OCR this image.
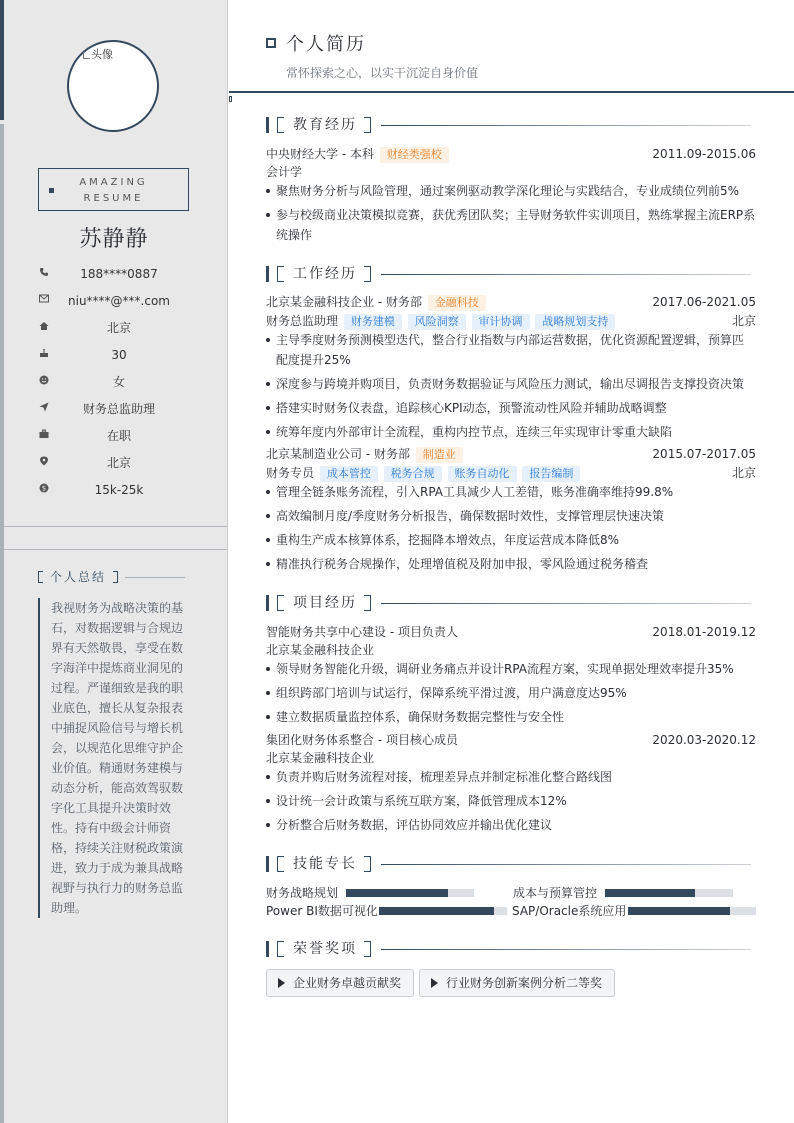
头像
AMAZING
RESUME
苏静静
188****0887
niu****@***.com
北京
30
女
财务总监助理
在职
北京
$	15k-25k
个人总结
我视财务为战略决策的基
石，对数据逻辑与合规边
界有天然敬畏，享受在数
字海洋中提炼商业洞见的
过程。严谨细致是我的职
业底色，擅长从复杂报表
中捕捉风险信号与增长机
会，以规范化思维守护企
业价值。精通财务建模与
动态分析，能高效驾驭数
字化工具提升决策时效
性。持有中级会计师资
格，持续关注财税政策演
进，致力于成为兼具战略
视野与执行力的财务总监
助理。
个人简历
常怀探索之心，以实干沉淀自身价值
教育经历
中央财经大学 - 本科 财经类强校	2011.09-2015.06
会计学
聚焦财务分析与风险管理，通过案例驱动教学深化理论与实践结合，专业成绩位列前5%
参与校级商业决策模拟竞赛，获优秀团队奖；主导财务软件实训项目，熟练掌握主流ERP系
统操作
工作经历
北京某金融科技企业 - 财务部 金融科技	2017.06-2021.05
财务总监助理 财务建模 风险洞察 审计协调 战略规划支持	北京
主导季度财务预测模型迭代，整合行业指数与内部运营数据，优化资源配置逻辑，预算匹
配度提升25%
深度参与跨境并购项目，负责财务数据验证与风险压力测试，输出尽调报告支撑投资决策
搭建实时财务仪表盘，追踪核心KPI动态，预警流动性风险并辅助战略调整
统筹年度内外部审计全流程，重构内控节点，连续三年实现审计零重大缺陷
北京某制造业公司 - 财务部 制造业	2015.07-2017.05
财务专员 成本管控 税务合规 账务自动化 报告编制	北京
管理全链条账务流程，引入RPA工具减少人工差错，账务准确率维持99.8%
高效编制月度/季度财务分析报告，确保数据时效性，支撑管理层快速决策
重构生产成本核算体系，挖掘降本增效点，年度运营成本降低8%
精准执行税务合规操作，处理增值税及附加申报，零风险通过税务稽查
项目经历
智能财务共享中心建设 - 项目负责人	2018.01-2019.12
北京某金融科技企业
领导财务智能化升级，调研业务痛点并设计RPA流程方案，实现单据处理效率提升35%
组织跨部门培训与试运行，保障系统平滑过渡，用户满意度达95%
建立数据质量监控体系，确保财务数据完整性与安全性
集团化财务体系整合 - 项目核心成员	2020.03-2020.12
北京某金融科技企业
负责并购后财务流程对接，梳理差异点并制定标准化整合路线图
设计统一会计政策与系统互联方案，降低管理成本12%
分析整合后财务数据，评估协同效应并输出优化建议
技能专长
财务战略规划	成本与预算管控
Power BI数据可视化	SAP/Oracle系统应用
荣誉奖项
企业财务卓越贡献奖	行业财务创新案例分析二等奖
